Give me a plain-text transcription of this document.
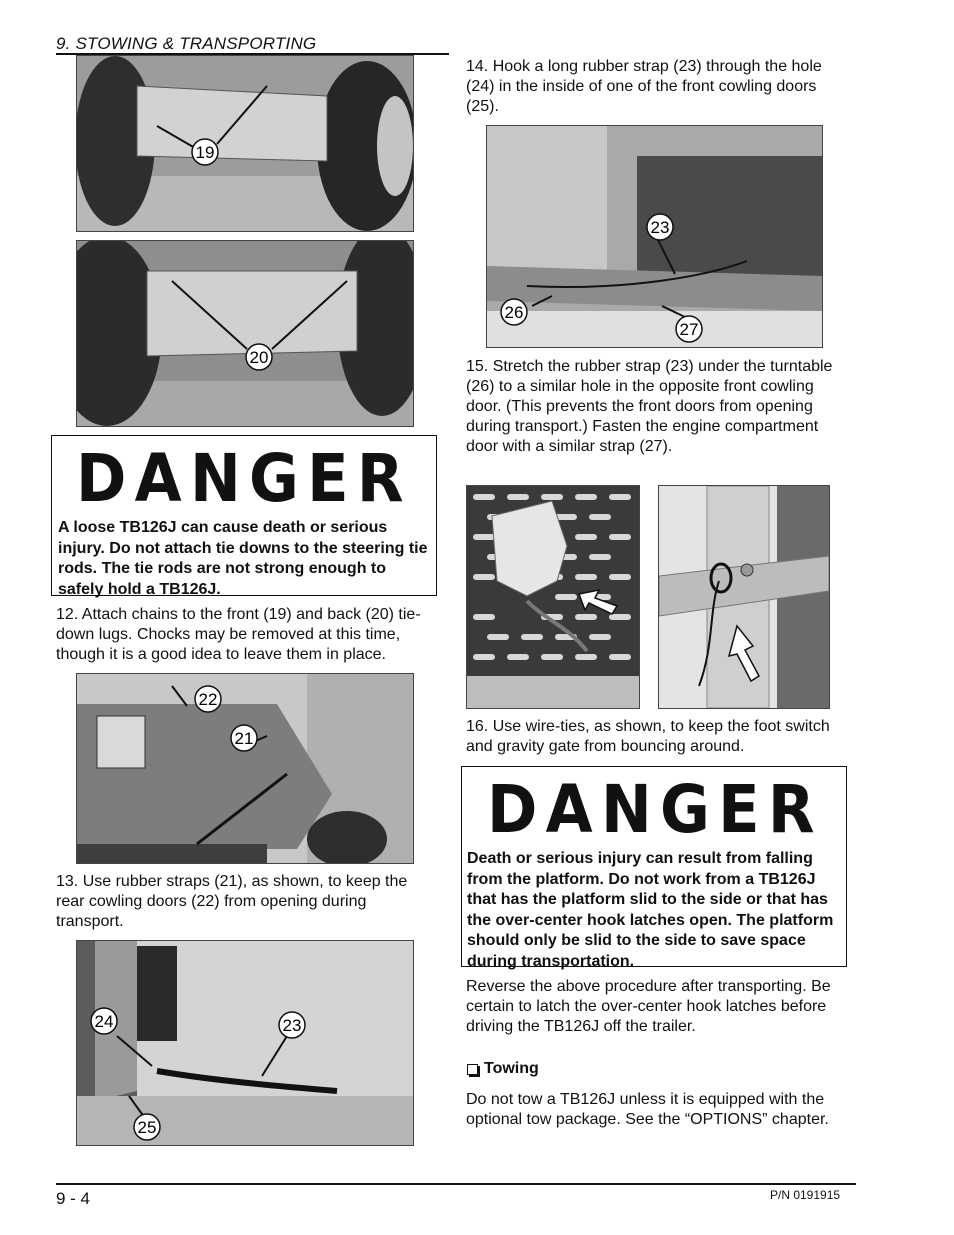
9. STOWING & TRANSPORTING
19
20
DANGER
A loose TB126J can cause death or serious injury. Do not attach tie downs to the steering tie rods. The tie rods are not strong enough to safely hold a TB126J.
12. Attach chains to the front (19) and back (20) tie-down lugs. Chocks may be removed at this time, though it is a good idea to leave them in place.
22
21
13. Use rubber straps (21), as shown, to keep the rear cowling doors (22) from opening during transport.
24	23
25
14. Hook a long rubber strap (23) through the hole (24) in the inside of one of the front cowling doors (25).
23
26
27
15. Stretch the rubber strap (23) under the turntable (26) to a similar hole in the opposite front cowling door. (This prevents the front doors from opening during transport.) Fasten the engine compartment door with a similar strap (27).
16. Use wire-ties, as shown, to keep the foot switch and gravity gate from bouncing around.
DANGER
Death or serious injury can result from falling from the platform. Do not work from a TB126J that has the platform slid to the side or that has the over-center hook latches open. The platform should only be slid to the side to save space during transportation.
Reverse the above procedure after transporting. Be certain to latch the over-center hook latches before driving the TB126J off the trailer.
Towing
Do not tow a TB126J unless it is equipped with the optional tow package. See the “OPTIONS” chapter.
9 - 4	P/N 0191915
